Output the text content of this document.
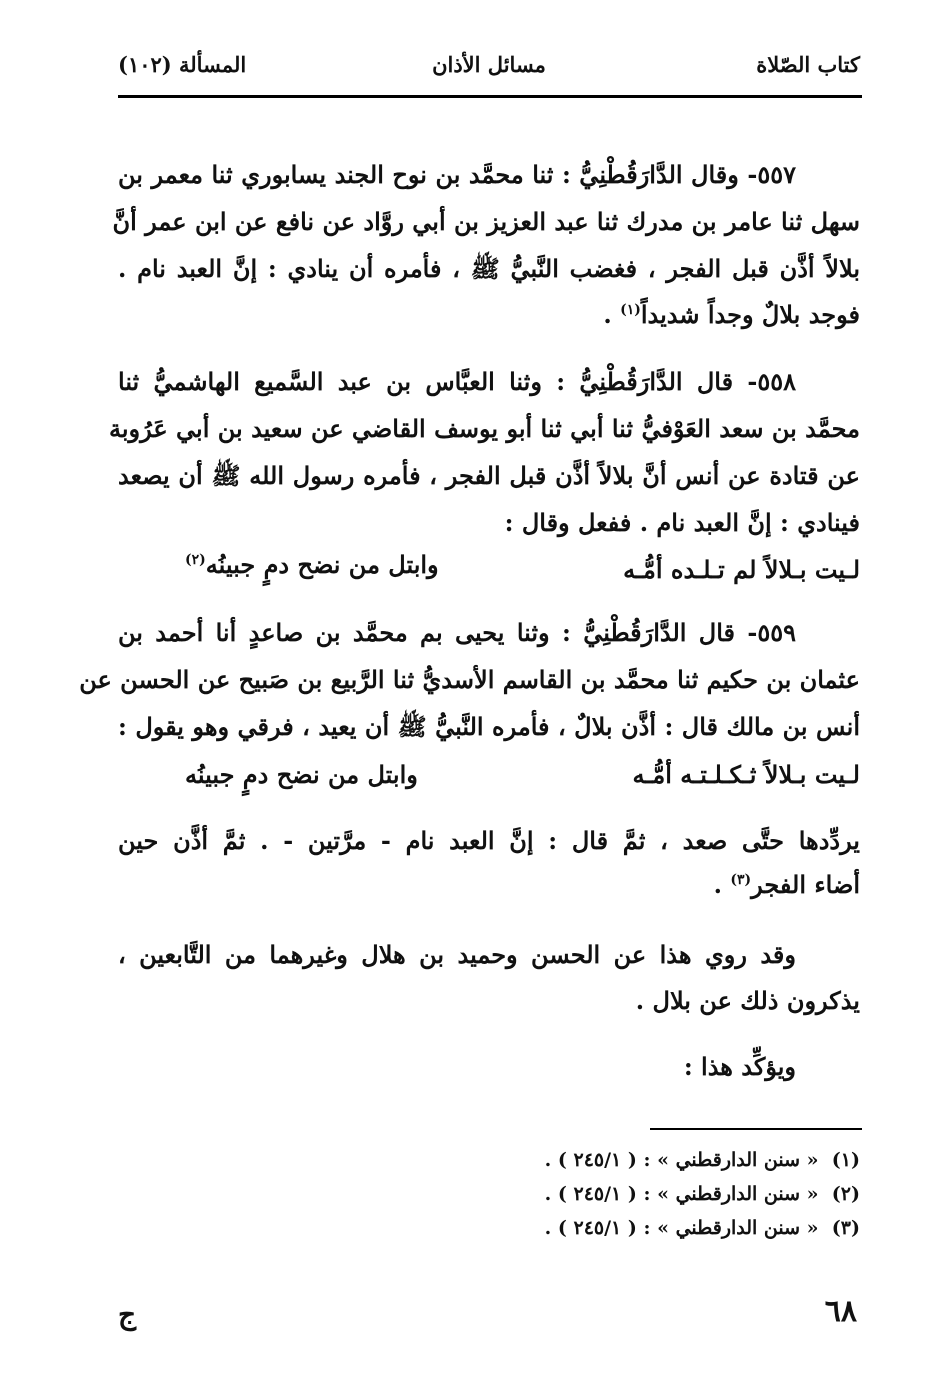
كتاب الصّلاة
مسائل الأذان
المسألة (١٠٢)
٥٥٧- وقال الدَّارَقُطْنِيُّ : ثنا محمَّد بن نوح الجند يسابوري ثنا معمر بن
سهل ثنا عامر بن مدرك ثنا عبد العزيز بن أبي روَّاد عن نافع عن ابن عمر أنَّ
بلالاً أذَّن قبل الفجر ، فغضب النَّبيُّ ﷺ ، فأمره أن ينادي : إنَّ العبد نام .
فوجد بلالٌ وجداً شديداً$^{(١)}$ .
٥٥٨- قال الدَّارَقُطْنِيُّ : وثنا العبَّاس بن عبد السَّميع الهاشميُّ ثنا
محمَّد بن سعد العَوْفيُّ ثنا أبي ثنا أبو يوسف القاضي عن سعيد بن أبي عَرُوبة
عن قتادة عن أنس أنَّ بلالاً أذَّن قبل الفجر ، فأمره رسول الله ﷺ أن يصعد
فينادي : إنَّ العبد نام . ففعل وقال :
لـيت بـلالاً لم تـلـده أمُّـه
وابتل من نضح دمٍ جبينُه$^{(٢)}$
٥٥٩- قال الدَّارَقُطْنِيُّ : وثنا يحيى بم محمَّد بن صاعدٍ أنا أحمد بن
عثمان بن حكيم ثنا محمَّد بن القاسم الأسديُّ ثنا الرَّبيع بن صَبيح عن الحسن عن
أنس بن مالك قال : أذَّن بلالٌ ، فأمره النَّبيُّ ﷺ أن يعيد ، فرقي وهو يقول :
لـيت بـلالاً ثـكـلـتـه أمُّـه
وابتل من نضح دمٍ جبينُه
يردِّدها حتَّى صعد ، ثمَّ قال : إنَّ العبد نام - مرَّتين - . ثمَّ أذَّن حين
أضاء الفجر$^{(٣)}$ .
وقد روي هذا عن الحسن وحميد بن هلال وغيرهما من التَّابعين ،
يذكرون ذلك عن بلال .
ويؤكِّد هذا :
(١)  « سنن الدارقطني » : ( ٢٤٥/١ ) .
(٢)  « سنن الدارقطني » : ( ٢٤٥/١ ) .
(٣)  « سنن الدارقطني » : ( ٢٤٥/١ ) .
٦٨
ج
